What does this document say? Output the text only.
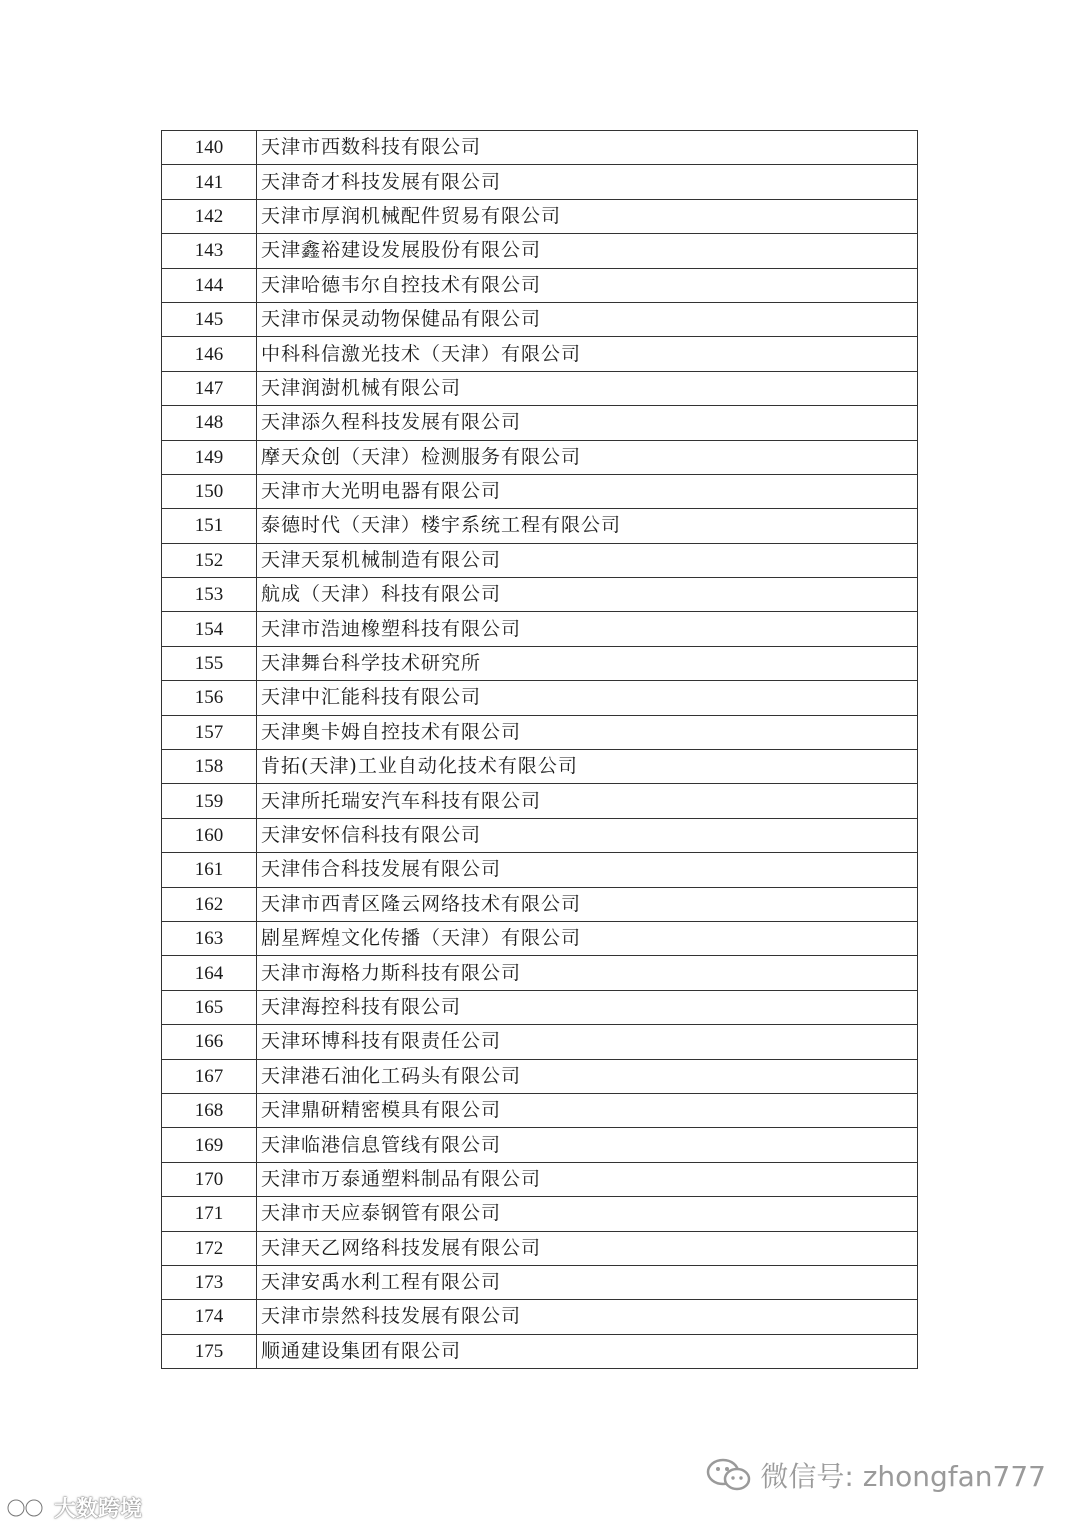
140	天津市西数科技有限公司
141	天津奇才科技发展有限公司
142	天津市厚润机械配件贸易有限公司
143	天津鑫裕建设发展股份有限公司
144	天津哈德韦尔自控技术有限公司
145	天津市保灵动物保健品有限公司
146	中科科信激光技术（天津）有限公司
147	天津润澍机械有限公司
148	天津添久程科技发展有限公司
149	摩天众创（天津）检测服务有限公司
150	天津市大光明电器有限公司
151	泰德时代（天津）楼宇系统工程有限公司
152	天津天泵机械制造有限公司
153	航成（天津）科技有限公司
154	天津市浩迪橡塑科技有限公司
155	天津舞台科学技术研究所
156	天津中汇能科技有限公司
157	天津奥卡姆自控技术有限公司
158	肯拓(天津)工业自动化技术有限公司
159	天津所托瑞安汽车科技有限公司
160	天津安怀信科技有限公司
161	天津伟合科技发展有限公司
162	天津市西青区隆云网络技术有限公司
163	剧星辉煌文化传播（天津）有限公司
164	天津市海格力斯科技有限公司
165	天津海控科技有限公司
166	天津环博科技有限责任公司
167	天津港石油化工码头有限公司
168	天津鼎研精密模具有限公司
169	天津临港信息管线有限公司
170	天津市万泰通塑料制品有限公司
171	天津市天应泰钢管有限公司
172	天津天乙网络科技发展有限公司
173	天津安禹水利工程有限公司
174	天津市崇然科技发展有限公司
175	顺通建设集团有限公司
微信号: zhongfan777
大数跨境
